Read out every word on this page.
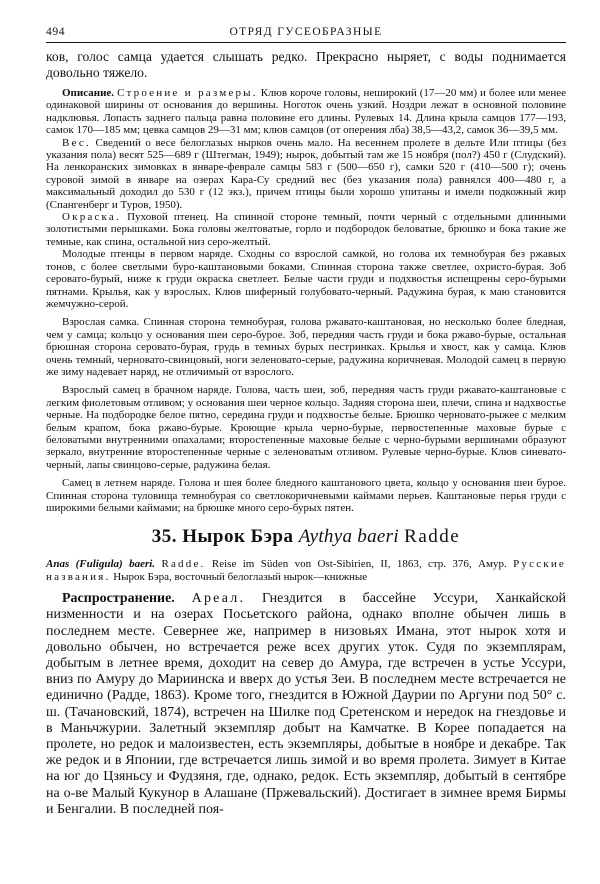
494	ОТРЯД ГУСЕОБРАЗНЫЕ

ков, голос самца удается слышать редко. Прекрасно ныряет, с воды поднимается довольно тяжело.

Описание. Строение и размеры. Клюв короче головы, неширокий (17—20 мм) и более или менее одинаковой ширины от основания до вершины. Ноготок очень узкий. Ноздри лежат в основной половине надклювья. Лопасть заднего пальца равна половине его длины. Рулевых 14. Длина крыла самцов 177—193, самок 170—185 мм; цевка самцов 29—31 мм; клюв самцов (от оперения лба) 38,5—43,2, самок 36—39,5 мм.

Вес. Сведений о весе белоглазых нырков очень мало. На весеннем пролете в дельте Или птицы (без указания пола) весят 525—689 г (Штегман, 1949); нырок, добытый там же 15 ноября (пол?) 450 г (Слудский). На ленкоранских зимовках в январе-феврале самцы 583 г (500—650 г), самки 520 г (410—500 г); очень суровой зимой в январе на озерах Кара-Су средний вес (без указания пола) равнялся 400—480 г, а максимальный доходил до 530 г (12 экз.), причем птицы были хорошо упитаны и имели подкожный жир (Спангенберг и Туров, 1950).

Окраска. Пуховой птенец. На спинной стороне темный, почти черный с отдельными длинными золотистыми перышками. Бока головы желтоватые, горло и подбородок беловатые, брюшко и бока такие же темные, как спина, остальной низ серо-желтый.

Молодые птенцы в первом наряде. Сходны со взрослой самкой, но голова их темнобурая без ржавых тонов, с более светлыми буро-каштановыми боками. Спинная сторона также светлее, охристо-бурая. Зоб серовато-бурый, ниже к груди окраска светлеет. Белые части груди и подхвостья испещрены серо-бурыми пятнами. Крылья, как у взрослых. Клюв шиферный голубовато-черный. Радужина бурая, к маю становится жемчужно-серой.

Взрослая самка. Спинная сторона темнобурая, голова ржавато-каштановая, но несколько более бледная, чем у самца; кольцо у основания шеи серо-бурое. Зоб, передняя часть груди и бока ржаво-бурые, остальная брюшная сторона серовато-бурая, грудь в темных бурых пестринках. Крылья и хвост, как у самца. Клюв очень темный, черновато-свинцовый, ноги зеленовато-серые, радужина коричневая. Молодой самец в первую же зиму надевает наряд, не отличимый от взрослого.

Взрослый самец в брачном наряде. Голова, часть шеи, зоб, передняя часть груди ржавато-каштановые с легким фиолетовым отливом; у основания шеи черное кольцо. Задняя сторона шеи, плечи, спина и надхвостье черные. На подбородке белое пятно, середина груди и подхвостье белые. Брюшко черновато-рыжее с мелким белым крапом, бока ржаво-бурые. Кроющие крыла черно-бурые, первостепенные маховые бурые с беловатыми внутренними опахалами; второстепенные маховые белые с черно-бурыми вершинами образуют зеркало, внутренние второстепенные черные с зеленоватым отливом. Рулевые черно-бурые. Клюв синевато-черный, лапы свинцово-серые, радужина белая.

Самец в летнем наряде. Голова и шея более бледного каштанового цвета, кольцо у основания шеи бурое. Спинная сторона туловища темнобурая со светлокоричневыми каймами перьев. Каштановые перья груди с широкими белыми каймами; на брюшке много серо-бурых пятен.

35. Нырок Бэра Aythya baeri Radde

Anas (Fuligula) baeri. Radde. Reise im Süden von Ost-Sibirien, II, 1863, стр. 376, Амур. Русские названия. Нырок Бэра, восточный белоглазый нырок—книжные

Распространение. Ареал. Гнездится в бассейне Уссури, Ханкайской низменности и на озерах Посьетского района, однако вполне обычен лишь в последнем месте. Севернее же, например в низовьях Имана, этот нырок хотя и довольно обычен, но встречается реже всех других уток. Судя по экземплярам, добытым в летнее время, доходит на север до Амура, где встречен в устье Уссури, вниз по Амуру до Мариинска и вверх до устья Зеи. В последнем месте встречается не единично (Радде, 1863). Кроме того, гнездится в Южной Даурии по Аргуни под 50° с. ш. (Тачановский, 1874), встречен на Шилке под Сретенском и нередок на гнездовье и в Маньчжурии. Залетный экземпляр добыт на Камчатке. В Корее попадается на пролете, но редок и малоизвестен, есть экземпляры, добытые в ноябре и декабре. Так же редок и в Японии, где встречается лишь зимой и во время пролета. Зимует в Китае на юг до Цзяньсу и Фудзяня, где, однако, редок. Есть экземпляр, добытый в сентябре на о-ве Малый Кукунор в Алашане (Пржевальский). Достигает в зимнее время Бирмы и Бенгалии. В последней поя-
